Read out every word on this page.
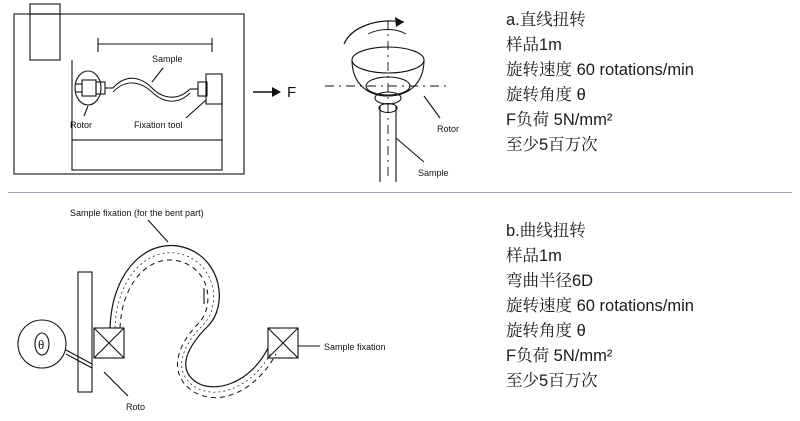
Sample
Rotor	Fixation tool
F
Rotor
Sample
a.直线扭转
样品1m
旋转速度 60 rotations/min
旋转角度 θ
F负荷 5N/mm²
至少5百万次
θ
Sample fixation (for the bent part)
Sample fixation
Roto
b.曲线扭转
样品1m
弯曲半径6D
旋转速度 60 rotations/min
旋转角度 θ
F负荷 5N/mm²
至少5百万次
